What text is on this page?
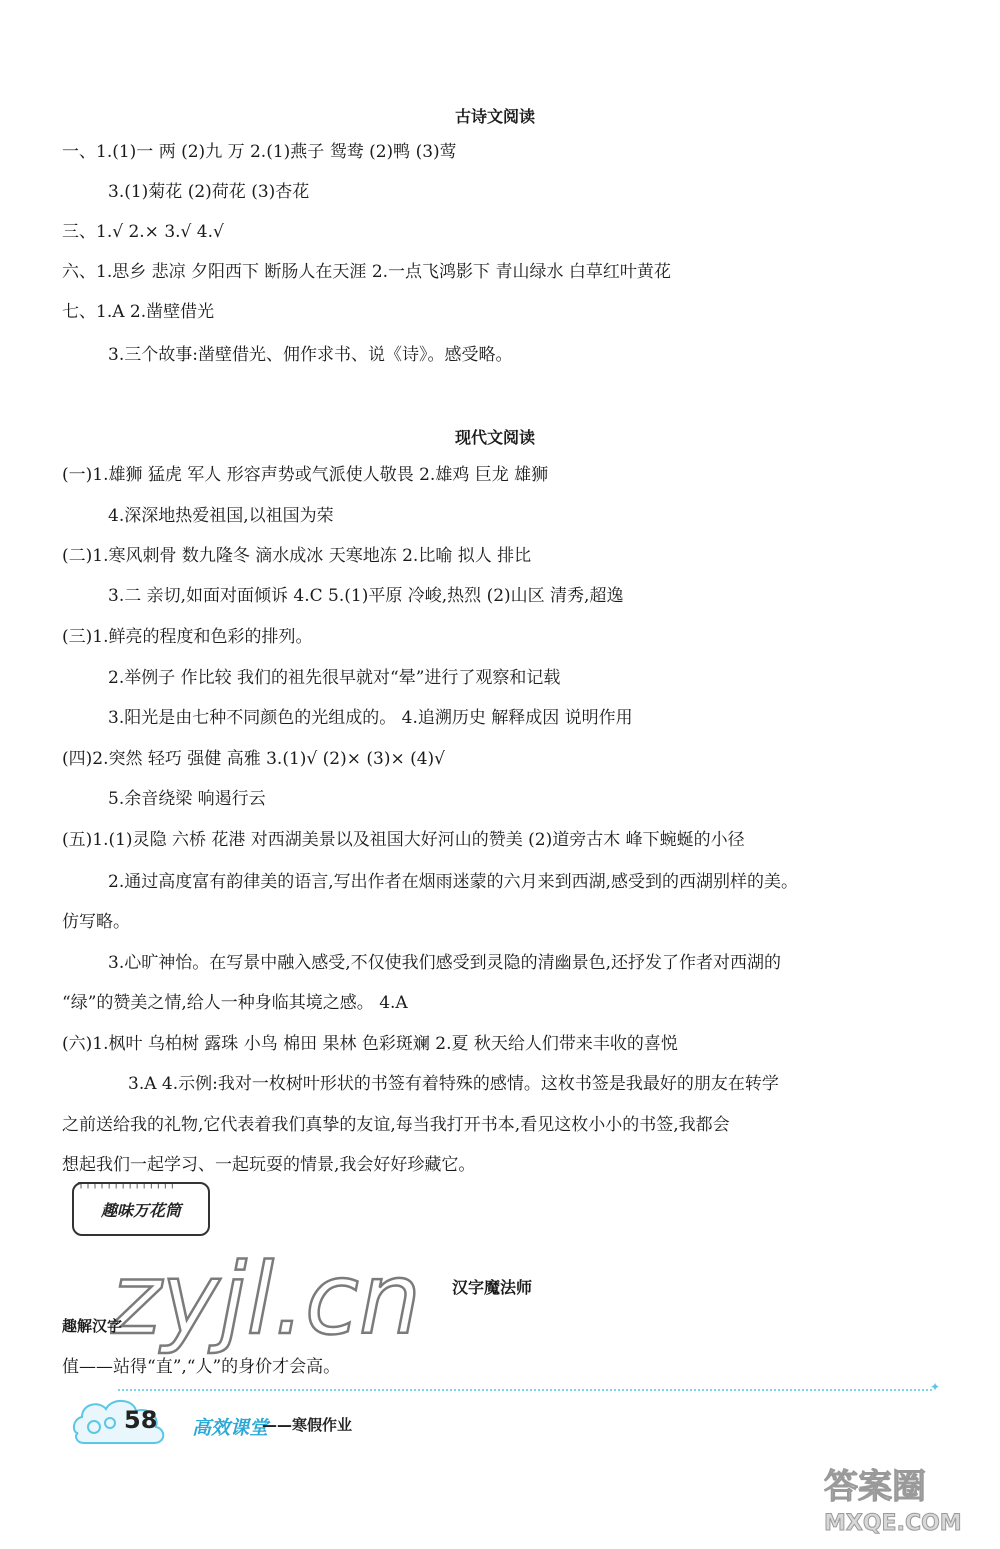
古诗文阅读
一、1.(1)一 两 (2)九 万 2.(1)燕子 鸳鸯 (2)鸭 (3)莺
3.(1)菊花 (2)荷花 (3)杏花
三、1.√ 2.× 3.√ 4.√
六、1.思乡 悲凉 夕阳西下 断肠人在天涯 2.一点飞鸿影下 青山绿水 白草红叶黄花
七、1.A 2.凿壁借光
3.三个故事:凿壁借光、佣作求书、说《诗》。感受略。
现代文阅读
(一)1.雄狮 猛虎 军人 形容声势或气派使人敬畏 2.雄鸡 巨龙 雄狮
4.深深地热爱祖国,以祖国为荣
(二)1.寒风刺骨 数九隆冬 滴水成冰 天寒地冻 2.比喻 拟人 排比
3.二 亲切,如面对面倾诉 4.C 5.(1)平原 冷峻,热烈 (2)山区 清秀,超逸
(三)1.鲜亮的程度和色彩的排列。
2.举例子 作比较 我们的祖先很早就对“晕”进行了观察和记载
3.阳光是由七种不同颜色的光组成的。 4.追溯历史 解释成因 说明作用
(四)2.突然 轻巧 强健 高雅 3.(1)√ (2)× (3)× (4)√
5.余音绕梁 响遏行云
(五)1.(1)灵隐 六桥 花港 对西湖美景以及祖国大好河山的赞美 (2)道旁古木 峰下蜿蜒的小径
2.通过高度富有韵律美的语言,写出作者在烟雨迷蒙的六月来到西湖,感受到的西湖别样的美。
仿写略。
3.心旷神怡。在写景中融入感受,不仅使我们感受到灵隐的清幽景色,还抒发了作者对西湖的
“绿”的赞美之情,给人一种身临其境之感。 4.A
(六)1.枫叶 乌柏树 露珠 小鸟 棉田 果林 色彩斑斓 2.夏 秋天给人们带来丰收的喜悦
3.A 4.示例:我对一枚树叶形状的书签有着特殊的感情。这枚书签是我最好的朋友在转学
之前送给我的礼物,它代表着我们真挚的友谊,每当我打开书本,看见这枚小小的书签,我都会
想起我们一起学习、一起玩耍的情景,我会好好珍藏它。
┬┬┬┬┬┬┬┬┬┬┬┬┬┬
趣味万花筒
zyjl.cn 汉字魔法师
趣解汉字
值——站得“直”,“人”的身价才会高。
✦
58 高效课堂
——寒假作业
答案圈
MXQE.COM
